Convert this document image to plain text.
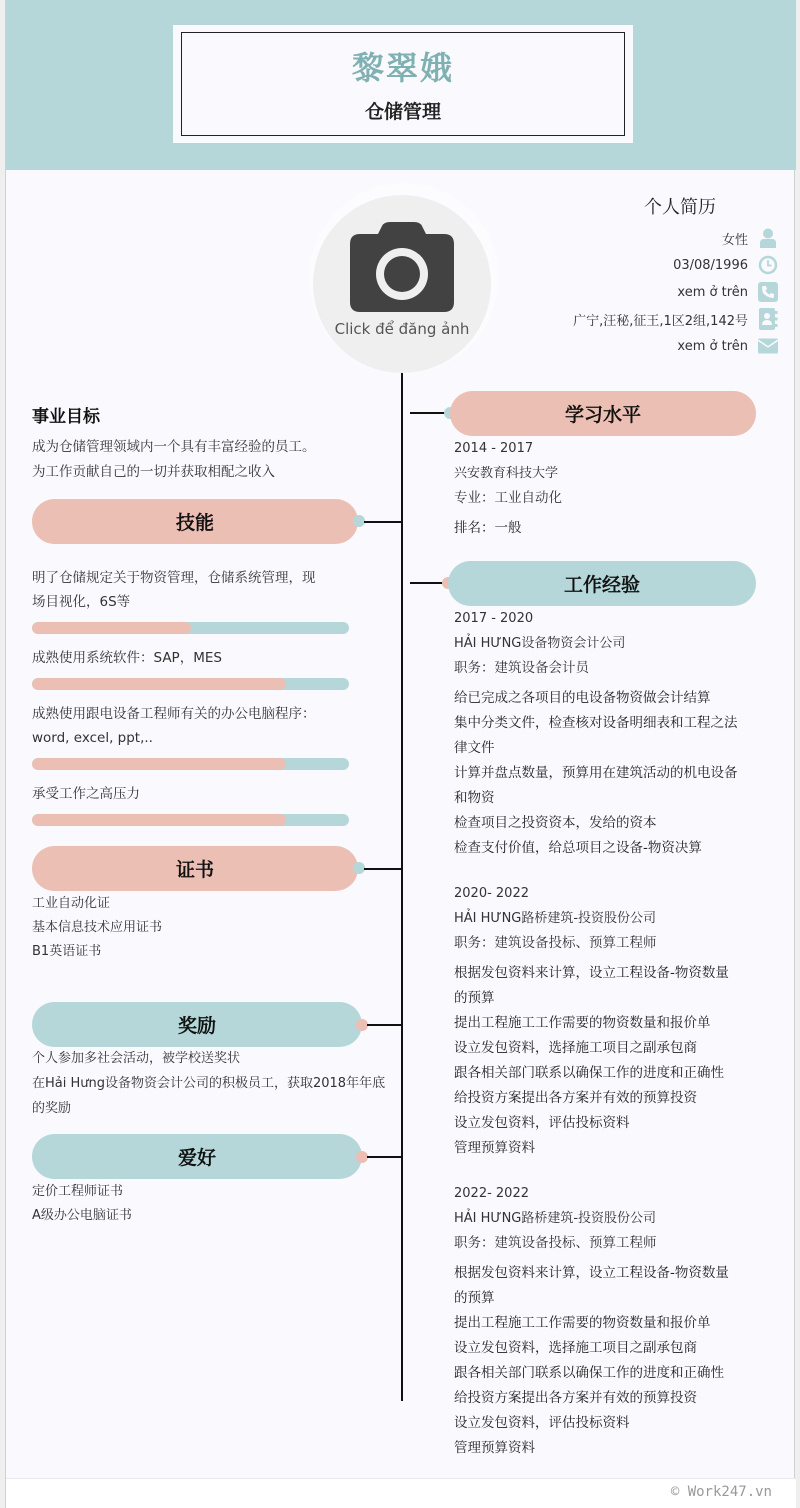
黎翠娥
仓储管理
Click để đăng ảnh
个人简历
女性
03/08/1996
xem ở trên
广宁,汪秘,征王,1区2组,142号
xem ở trên
事业目标
成为仓储管理领域内一个具有丰富经验的员工。
为工作贡献自己的一切并获取相配之收入
技能
明了仓储规定关于物资管理，仓储系统管理，现
场目视化，6S等
成熟使用系统软件：SAP，MES
成熟使用跟电设备工程师有关的办公电脑程序：
word, excel, ppt,..
承受工作之高压力
证书
工业自动化证
基本信息技术应用证书
B1英语证书
奖励
个人参加多社会活动，被学校送奖状
在Hải Hưng设备物资会计公司的积极员工，获取2018年年底
的奖励
爱好
定价工程师证书
A级办公电脑证书
学习水平
2014 - 2017
兴安教育科技大学
专业：工业自动化
排名：一般
工作经验
2017 - 2020
HẢI HƯNG设备物资会计公司
职务：建筑设备会计员
给已完成之各项目的电设备物资做会计结算
集中分类文件，检查核对设备明细表和工程之法
律文件
计算并盘点数量，预算用在建筑活动的机电设备
和物资
检查项目之投资资本，发给的资本
检查支付价值，给总项目之设备-物资决算
2020- 2022
HẢI HƯNG路桥建筑-投资股份公司
职务：建筑设备投标、预算工程师
根据发包资料来计算，设立工程设备-物资数量
的预算
提出工程施工工作需要的物资数量和报价单
设立发包资料，选择施工项目之副承包商
跟各相关部门联系以确保工作的进度和正确性
给投资方案提出各方案并有效的预算投资
设立发包资料，评估投标资料
管理预算资料
2022- 2022
HẢI HƯNG路桥建筑-投资股份公司
职务：建筑设备投标、预算工程师
根据发包资料来计算，设立工程设备-物资数量
的预算
提出工程施工工作需要的物资数量和报价单
设立发包资料，选择施工项目之副承包商
跟各相关部门联系以确保工作的进度和正确性
给投资方案提出各方案并有效的预算投资
设立发包资料，评估投标资料
管理预算资料
© Work247.vn
